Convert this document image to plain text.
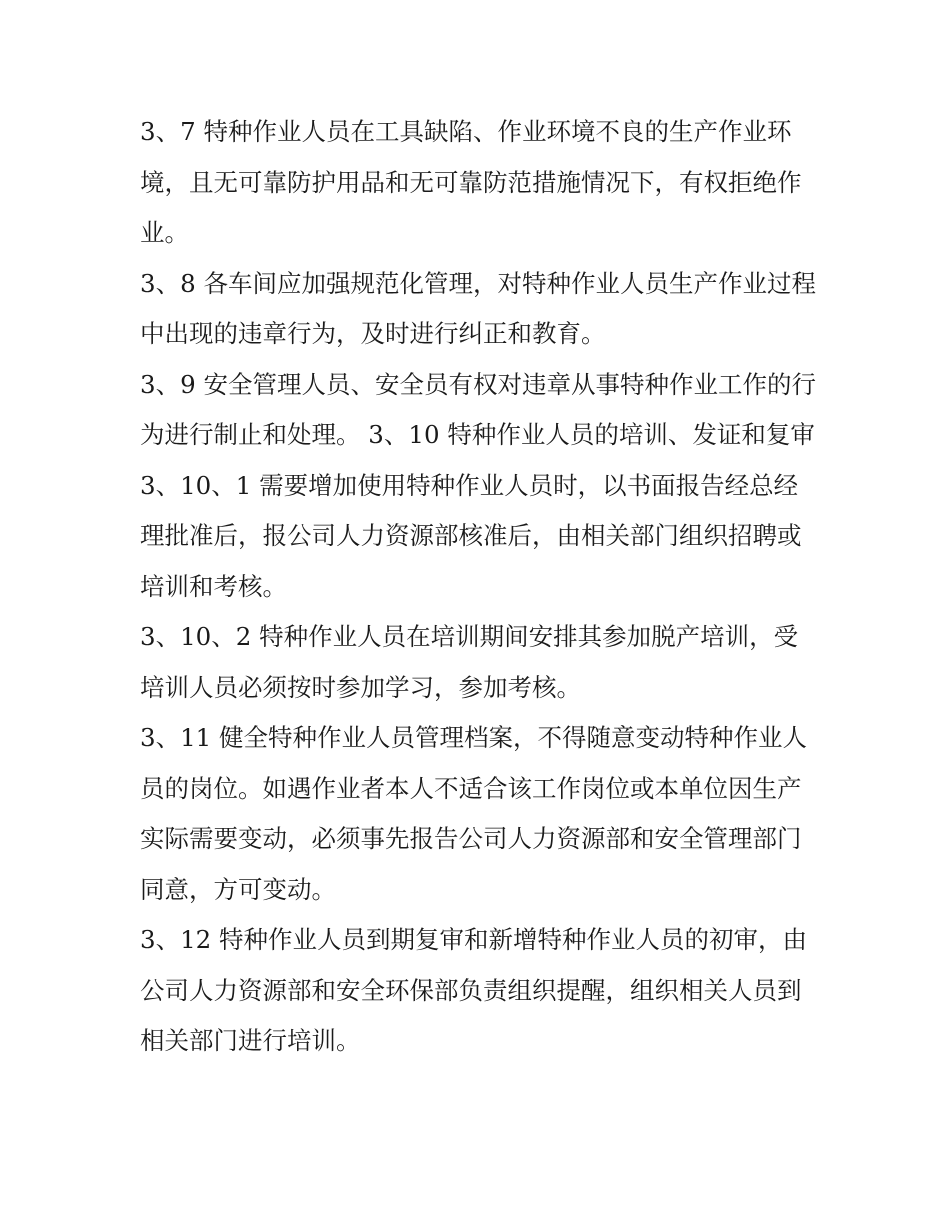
3、7 特种作业人员在工具缺陷、作业环境不良的生产作业环境，且无可靠防护用品和无可靠防范措施情况下，有权拒绝作业。

3、8 各车间应加强规范化管理，对特种作业人员生产作业过程中出现的违章行为，及时进行纠正和教育。

3、9 安全管理人员、安全员有权对违章从事特种作业工作的行为进行制止和处理。 3、10 特种作业人员的培训、发证和复审

3、10、1 需要增加使用特种作业人员时，以书面报告经总经理批准后，报公司人力资源部核准后，由相关部门组织招聘或培训和考核。

3、10、2 特种作业人员在培训期间安排其参加脱产培训，受培训人员必须按时参加学习，参加考核。

3、11 健全特种作业人员管理档案，不得随意变动特种作业人员的岗位。如遇作业者本人不适合该工作岗位或本单位因生产实际需要变动，必须事先报告公司人力资源部和安全管理部门同意，方可变动。

3、12 特种作业人员到期复审和新增特种作业人员的初审，由公司人力资源部和安全环保部负责组织提醒，组织相关人员到相关部门进行培训。
